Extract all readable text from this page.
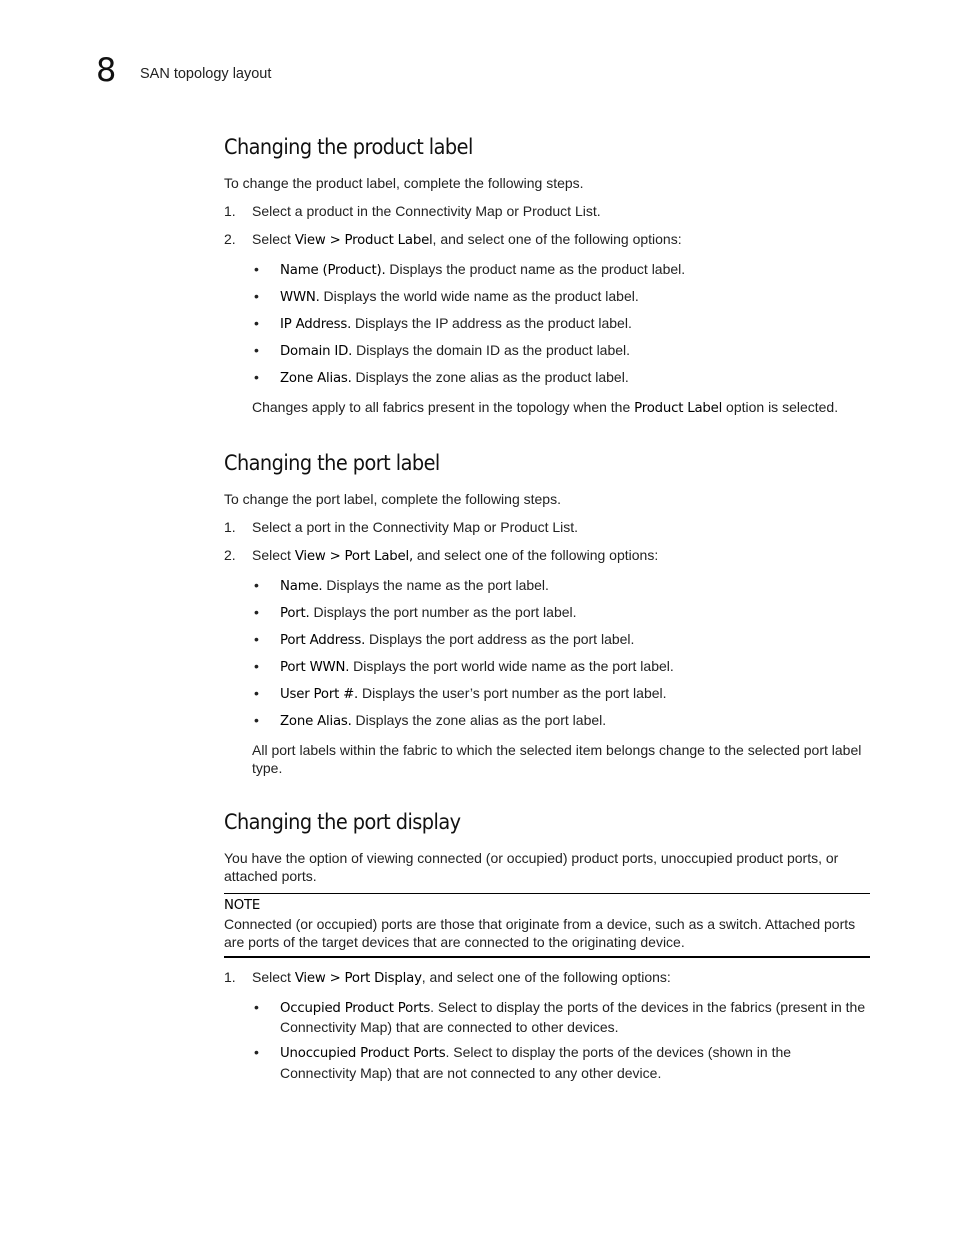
8 SAN topology layout
Changing the product label
To change the product label, complete the following steps.
1. Select a product in the Connectivity Map or Product List.
2. Select View > Product Label, and select one of the following options:
• Name (Product). Displays the product name as the product label.
• WWN. Displays the world wide name as the product label.
• IP Address. Displays the IP address as the product label.
• Domain ID. Displays the domain ID as the product label.
• Zone Alias. Displays the zone alias as the product label.
Changes apply to all fabrics present in the topology when the Product Label option is selected.
Changing the port label
To change the port label, complete the following steps.
1. Select a port in the Connectivity Map or Product List.
2. Select View > Port Label, and select one of the following options:
• Name. Displays the name as the port label.
• Port. Displays the port number as the port label.
• Port Address. Displays the port address as the port label.
• Port WWN. Displays the port world wide name as the port label.
• User Port #. Displays the user’s port number as the port label.
• Zone Alias. Displays the zone alias as the port label.
All port labels within the fabric to which the selected item belongs change to the selected port label type.
Changing the port display
You have the option of viewing connected (or occupied) product ports, unoccupied product ports, or attached ports.
NOTE
Connected (or occupied) ports are those that originate from a device, such as a switch. Attached ports are ports of the target devices that are connected to the originating device.
1. Select View > Port Display, and select one of the following options:
• Occupied Product Ports. Select to display the ports of the devices in the fabrics (present in the Connectivity Map) that are connected to other devices.
• Unoccupied Product Ports. Select to display the ports of the devices (shown in the Connectivity Map) that are not connected to any other device.
